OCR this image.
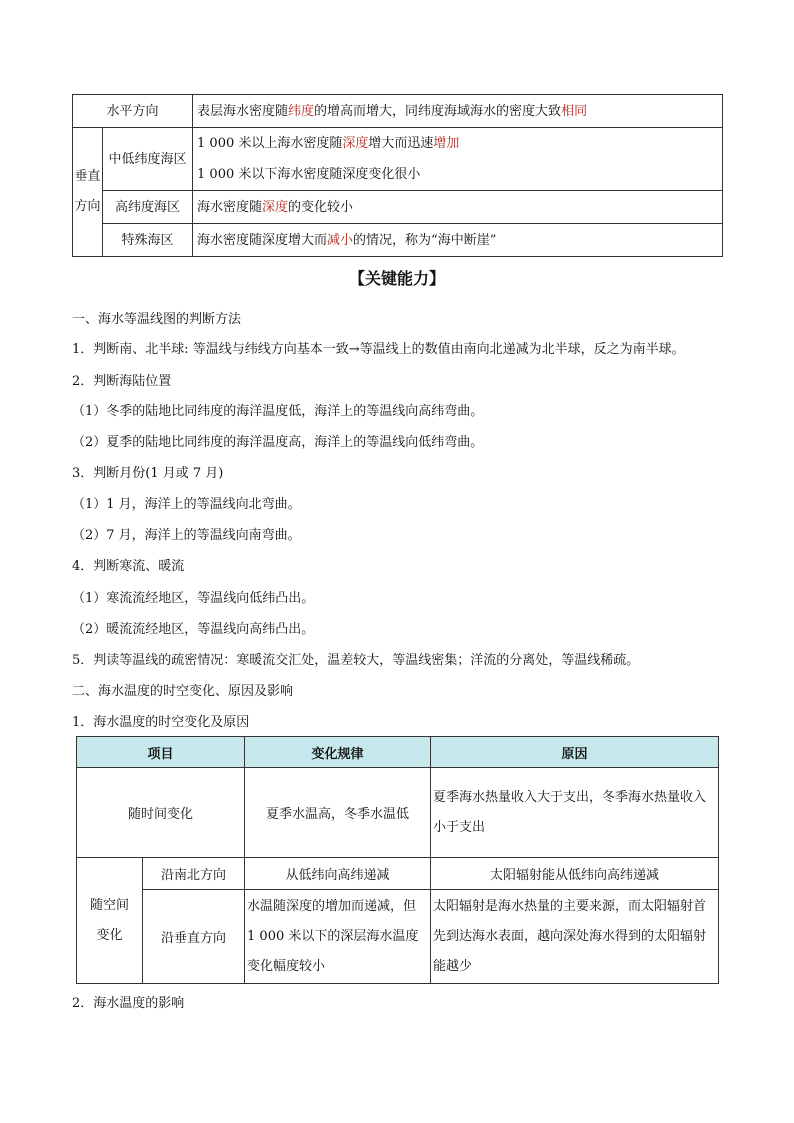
水平方向		表层海水密度随纬度的增高而增大，同纬度海域海水的密度大致相同

垂直方向	中低纬度海区	1 000 米以上海水密度随深度增大而迅速增加
1 000 米以下海水密度随深度变化很小

	高纬度海区	海水密度随深度的变化较小
	特殊海区	海水密度随深度增大而减小的情况，称为“海中断崖”
【关键能力】
一、海水等温线图的判断方法
1．判断南、北半球: 等温线与纬线方向基本一致→等温线上的数值由南向北递减为北半球，反之为南半球。
2．判断海陆位置
（1）冬季的陆地比同纬度的海洋温度低，海洋上的等温线向高纬弯曲。
（2）夏季的陆地比同纬度的海洋温度高，海洋上的等温线向低纬弯曲。
3．判断月份(1 月或 7 月)
（1）1 月，海洋上的等温线向北弯曲。
（2）7 月，海洋上的等温线向南弯曲。
4．判断寒流、暖流
（1）寒流流经地区，等温线向低纬凸出。
（2）暖流流经地区，等温线向高纬凸出。
5．判读等温线的疏密情况：寒暖流交汇处，温差较大，等温线密集；洋流的分离处，等温线稀疏。
二、海水温度的时空变化、原因及影响
1．海水温度的时空变化及原因
项目		变化规律	原因
随时间变化		夏季水温高，冬季水温低	夏季海水热量收入大于支出，冬季海水热量收入小于支出

随空间变化	沿南北方向	从低纬向高纬递减	太阳辐射能从低纬向高纬递减
	沿垂直方向	水温随深度的增加而递减，但 1 000 米以下的深层海水温度变化幅度较小	太阳辐射是海水热量的主要来源，而太阳辐射首先到达海水表面，越向深处海水得到的太阳辐射能越少
2．海水温度的影响
